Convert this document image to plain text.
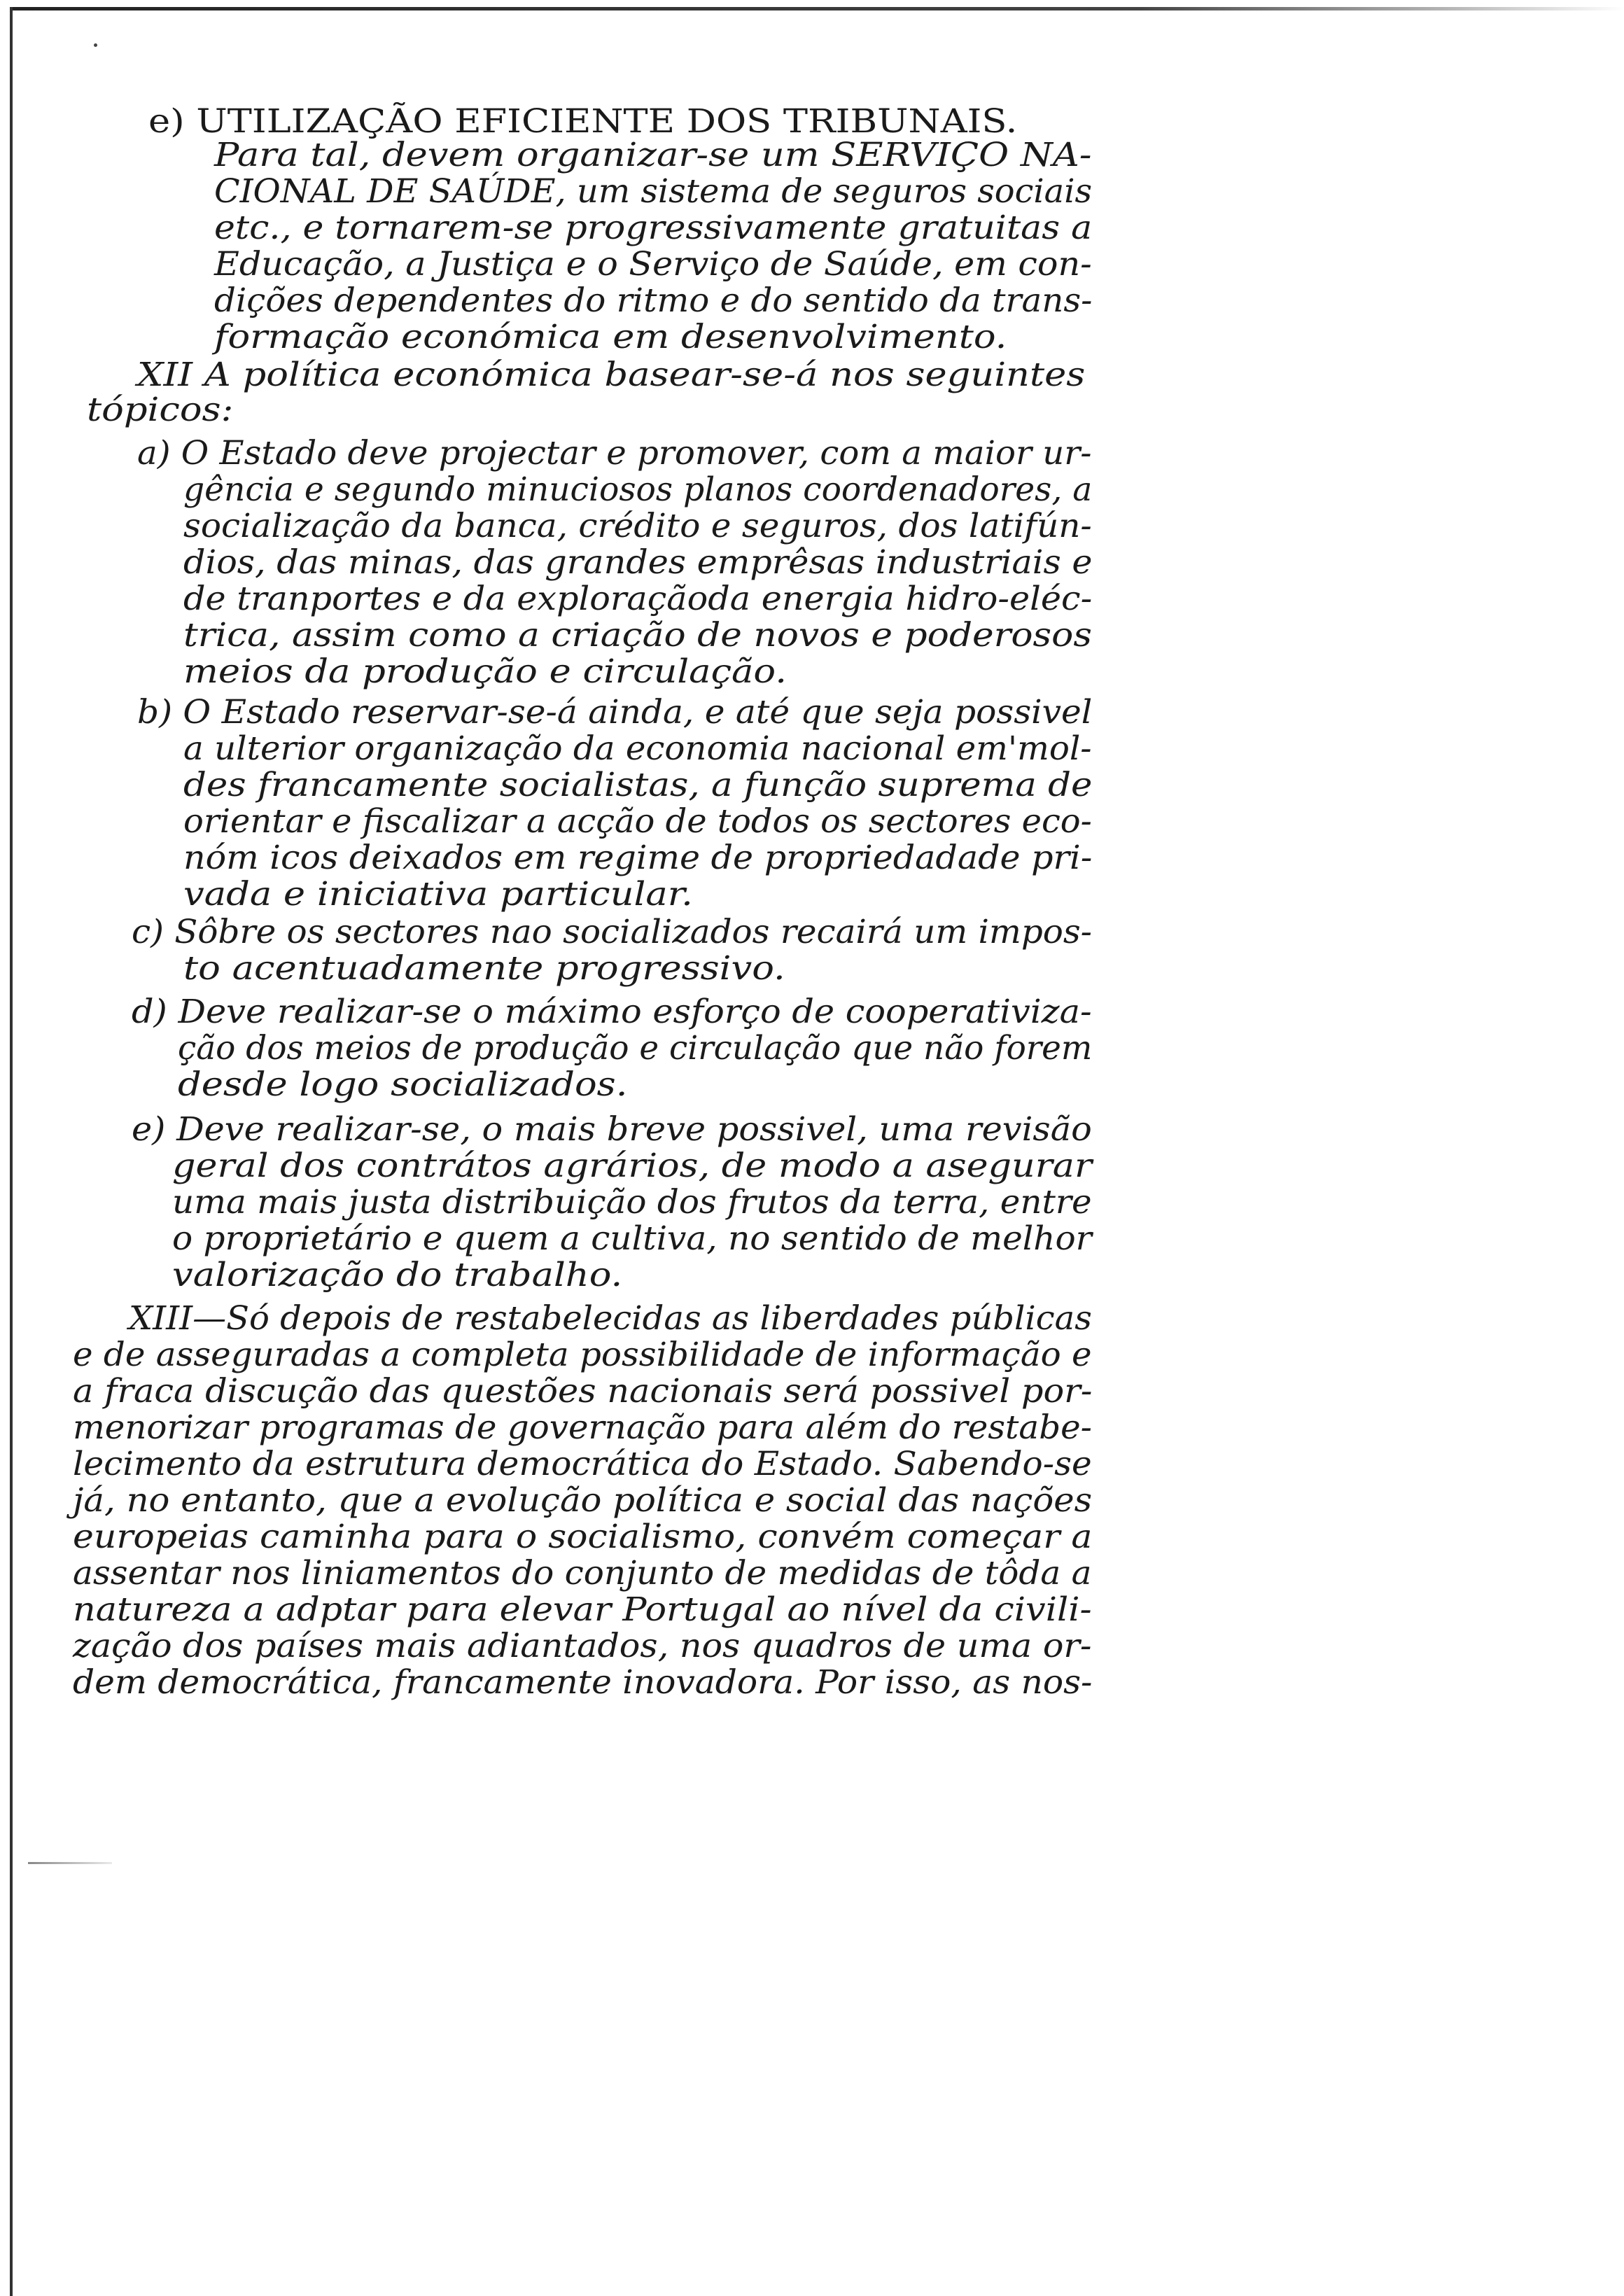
e) UTILIZAÇÃO EFICIENTE DOS TRIBUNAIS.
Para tal, devem organizar-se um SERVIÇO NA-
CIONAL DE SAÚDE, um sistema de seguros sociais
etc., e tornarem-se progressivamente gratuitas a
Educação, a Justiça e o Serviço de Saúde, em con-
dições dependentes do ritmo e do sentido da trans-
formação económica em desenvolvimento.
XII A política económica basear-se-á nos seguintes
tópicos:
a) O Estado deve projectar e promover, com a maior ur-
gência e segundo minuciosos planos coordenadores, a
socialização da banca, crédito e seguros, dos latifún-
dios, das minas, das grandes emprêsas industriais e
de tranportes e da exploraçãoda energia hidro-eléc-
trica, assim como a criação de novos e poderosos
meios da produção e circulação.
b) O Estado reservar-se-á ainda, e até que seja possivel
a ulterior organização da economia nacional em'mol-
des francamente socialistas, a função suprema de
orientar e fiscalizar a acção de todos os sectores eco-
nóm icos deixados em regime de propriedadade pri-
vada e iniciativa particular.
c) Sôbre os sectores nao socializados recairá um impos-
to acentuadamente progressivo.
d) Deve realizar-se o máximo esforço de cooperativiza-
ção dos meios de produção e circulação que não forem
desde logo socializados.
e) Deve realizar-se, o mais breve possivel, uma revisão
geral dos contrátos agrários, de modo a asegurar
uma mais justa distribuição dos frutos da terra, entre
o proprietário e quem a cultiva, no sentido de melhor
valorização do trabalho.
XIII—Só depois de restabelecidas as liberdades públicas
e de asseguradas a completa possibilidade de informação e
a fraca discução das questões nacionais será possivel por-
menorizar programas de governação para além do restabe-
lecimento da estrutura democrática do Estado. Sabendo-se
já, no entanto, que a evolução política e social das nações
europeias caminha para o socialismo, convém começar a
assentar nos liniamentos do conjunto de medidas de tôda a
natureza a adptar para elevar Portugal ao nível da civili-
zação dos países mais adiantados, nos quadros de uma or-
dem democrática, francamente inovadora. Por isso, as nos-
